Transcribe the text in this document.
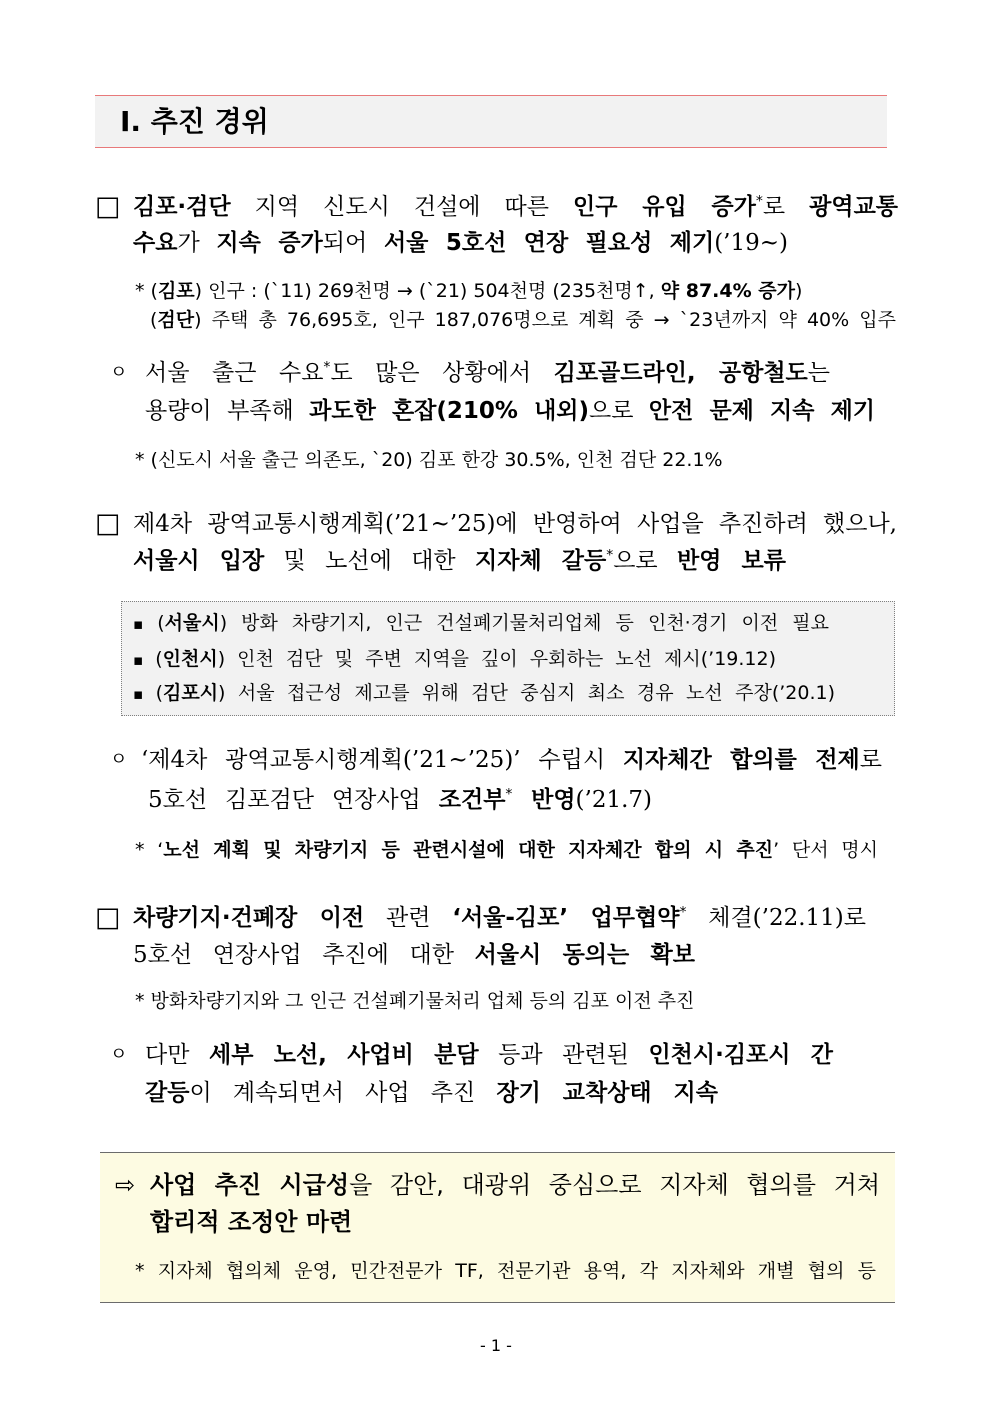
Ⅰ. 추진 경위
□ 김포·검단 지역 신도시 건설에 따른 인구 유입 증가*로 광역교통
수요가 지속 증가되어 서울 5호선 연장 필요성 제기(’19~)
* (김포) 인구 : (`11) 269천명 → (`21) 504천명 (235천명↑, 약 87.4% 증가)
(검단) 주택 총 76,695호, 인구 187,076명으로 계획 중 → `23년까지 약 40% 입주
ㅇ 서울 출근 수요*도 많은 상황에서 김포골드라인, 공항철도는
용량이 부족해 과도한 혼잡(210% 내외)으로 안전 문제 지속 제기
* (신도시 서울 출근 의존도, `20) 김포 한강 30.5%, 인천 검단 22.1%
□ 제4차 광역교통시행계획(’21~’25)에 반영하여 사업을 추진하려 했으나,
서울시 입장 및 노선에 대한 지자체 갈등*으로 반영 보류
▪ (서울시) 방화 차량기지, 인근 건설폐기물처리업체 등 인천·경기 이전 필요
▪ (인천시) 인천 검단 및 주변 지역을 깊이 우회하는 노선 제시(’19.12)
▪ (김포시) 서울 접근성 제고를 위해 검단 중심지 최소 경유 노선 주장(’20.1)
ㅇ ‘제4차 광역교통시행계획(’21~’25)’ 수립시 지자체간 합의를 전제로
5호선 김포검단 연장사업 조건부* 반영(’21.7)
* ‘노선 계획 및 차량기지 등 관련시설에 대한 지자체간 합의 시 추진’ 단서 명시
□ 차량기지·건폐장 이전 관련 ‘서울-김포’ 업무협약* 체결(’22.11)로
5호선 연장사업 추진에 대한 서울시 동의는 확보
* 방화차량기지와 그 인근 건설폐기물처리 업체 등의 김포 이전 추진
ㅇ 다만 세부 노선, 사업비 분담 등과 관련된 인천시·김포시 간
갈등이 계속되면서 사업 추진 장기 교착상태 지속
⇨ 사업 추진 시급성을 감안, 대광위 중심으로 지자체 협의를 거쳐
합리적 조정안 마련
* 지자체 협의체 운영, 민간전문가 TF, 전문기관 용역, 각 지자체와 개별 협의 등
- 1 -
